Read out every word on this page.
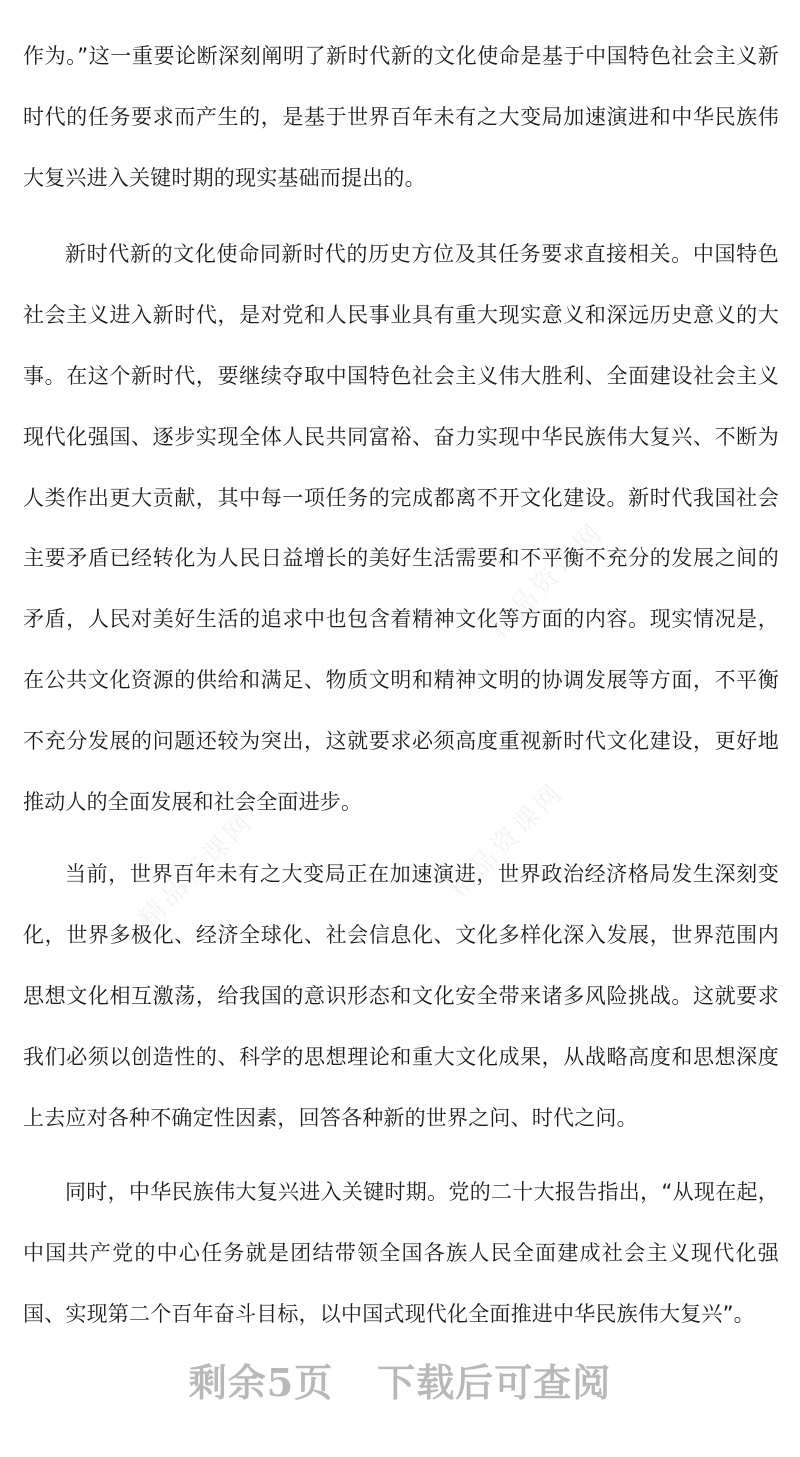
精品资课网
精品资课网	精品资课网

作为。”这一重要论断深刻阐明了新时代新的文化使命是基于中国特色社会主义新时代的任务要求而产生的，是基于世界百年未有之大变局加速演进和中华民族伟大复兴进入关键时期的现实基础而提出的。

新时代新的文化使命同新时代的历史方位及其任务要求直接相关。中国特色社会主义进入新时代，是对党和人民事业具有重大现实意义和深远历史意义的大事。在这个新时代，要继续夺取中国特色社会主义伟大胜利、全面建设社会主义现代化强国、逐步实现全体人民共同富裕、奋力实现中华民族伟大复兴、不断为人类作出更大贡献，其中每一项任务的完成都离不开文化建设。新时代我国社会主要矛盾已经转化为人民日益增长的美好生活需要和不平衡不充分的发展之间的矛盾，人民对美好生活的追求中也包含着精神文化等方面的内容。现实情况是，在公共文化资源的供给和满足、物质文明和精神文明的协调发展等方面，不平衡不充分发展的问题还较为突出，这就要求必须高度重视新时代文化建设，更好地推动人的全面发展和社会全面进步。

当前，世界百年未有之大变局正在加速演进，世界政治经济格局发生深刻变化，世界多极化、经济全球化、社会信息化、文化多样化深入发展，世界范围内思想文化相互激荡，给我国的意识形态和文化安全带来诸多风险挑战。这就要求我们必须以创造性的、科学的思想理论和重大文化成果，从战略高度和思想深度上去应对各种不确定性因素，回答各种新的世界之问、时代之问。

同时，中华民族伟大复兴进入关键时期。党的二十大报告指出，“从现在起，中国共产党的中心任务就是团结带领全国各族人民全面建成社会主义现代化强国、实现第二个百年奋斗目标，以中国式现代化全面推进中华民族伟大复兴”。

剩余5页 下载后可查阅
